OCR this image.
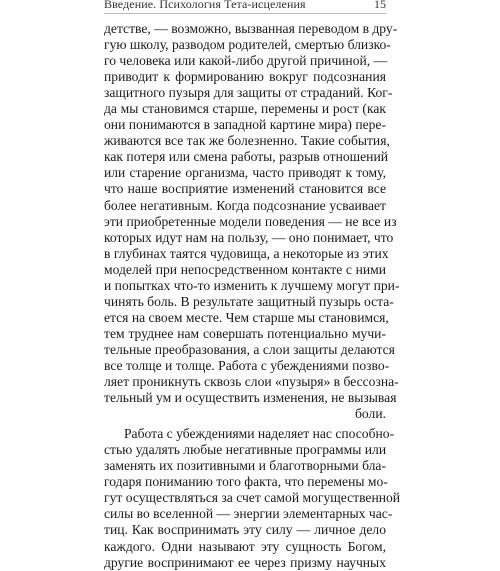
Введение. Психология Тета-исцеления	15
детстве, — возможно, вызванная переводом в дру-
гую школу, разводом родителей, смертью близко-
го человека или какой-либо другой причиной, —
приводит к формированию вокруг подсознания
защитного пузыря для защиты от страданий. Ког-
да мы становимся старше, перемены и рост (как
они понимаются в западной картине мира) пере-
живаются все так же болезненно. Такие события,
как потеря или смена работы, разрыв отношений
или старение организма, часто приводят к тому,
что наше восприятие изменений становится все
более негативным. Когда подсознание усваивает
эти приобретенные модели поведения — не все из
которых идут нам на пользу, — оно понимает, что
в глубинах таятся чудовища, а некоторые из этих
моделей при непосредственном контакте с ними
и попытках что-то изменить к лучшему могут при-
чинять боль. В результате защитный пузырь оста-
ется на своем месте. Чем старше мы становимся,
тем труднее нам совершать потенциально мучи-
тельные преобразования, а слои защиты делаются
все толще и толще. Работа с убеждениями позво-
ляет проникнуть сквозь слои «пузыря» в бессозна-
тельный ум и осуществить изменения, не вызывая
боли.
Работа с убеждениями наделяет нас способно-
стью удалять любые негативные программы или
заменять их позитивными и благотворными бла-
годаря пониманию того факта, что перемены мо-
гут осуществляться за счет самой могущественной
силы во вселенной — энергии элементарных час-
тиц. Как воспринимать эту силу — личное дело
каждого. Одни называют эту сущность Богом,
другие воспринимают ее через призму научных
